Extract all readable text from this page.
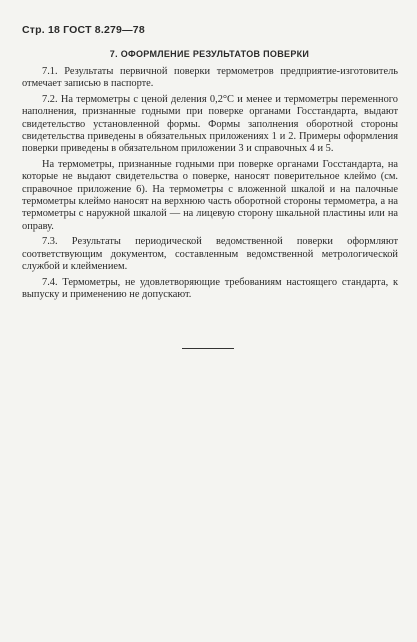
Стр. 18 ГОСТ 8.279—78
7. ОФОРМЛЕНИЕ РЕЗУЛЬТАТОВ ПОВЕРКИ

7.1. Результаты первичной поверки термометров предприятие-изготовитель отмечает записью в паспорте.

7.2. На термометры с ценой деления 0,2°C и менее и термометры переменного наполнения, признанные годными при поверке органами Госстандарта, выдают свидетельство установленной формы. Формы заполнения оборотной стороны свидетельства приведены в обязательных приложениях 1 и 2. Примеры оформления поверки приведены в обязательном приложении 3 и справочных 4 и 5.

На термометры, признанные годными при поверке органами Госстандарта, на которые не выдают свидетельства о поверке, наносят поверительное клеймо (см. справочное приложение 6). На термометры с вложенной шкалой и на палочные термометры клеймо наносят на верхнюю часть оборотной стороны термометра, а на термометры с наружной шкалой — на лицевую сторону шкальной пластины или на оправу.

7.3. Результаты периодической ведомственной поверки оформляют соответствующим документом, составленным ведомственной метрологической службой и клеймением.

7.4. Термометры, не удовлетворяющие требованиям настоящего стандарта, к выпуску и применению не допускают.
